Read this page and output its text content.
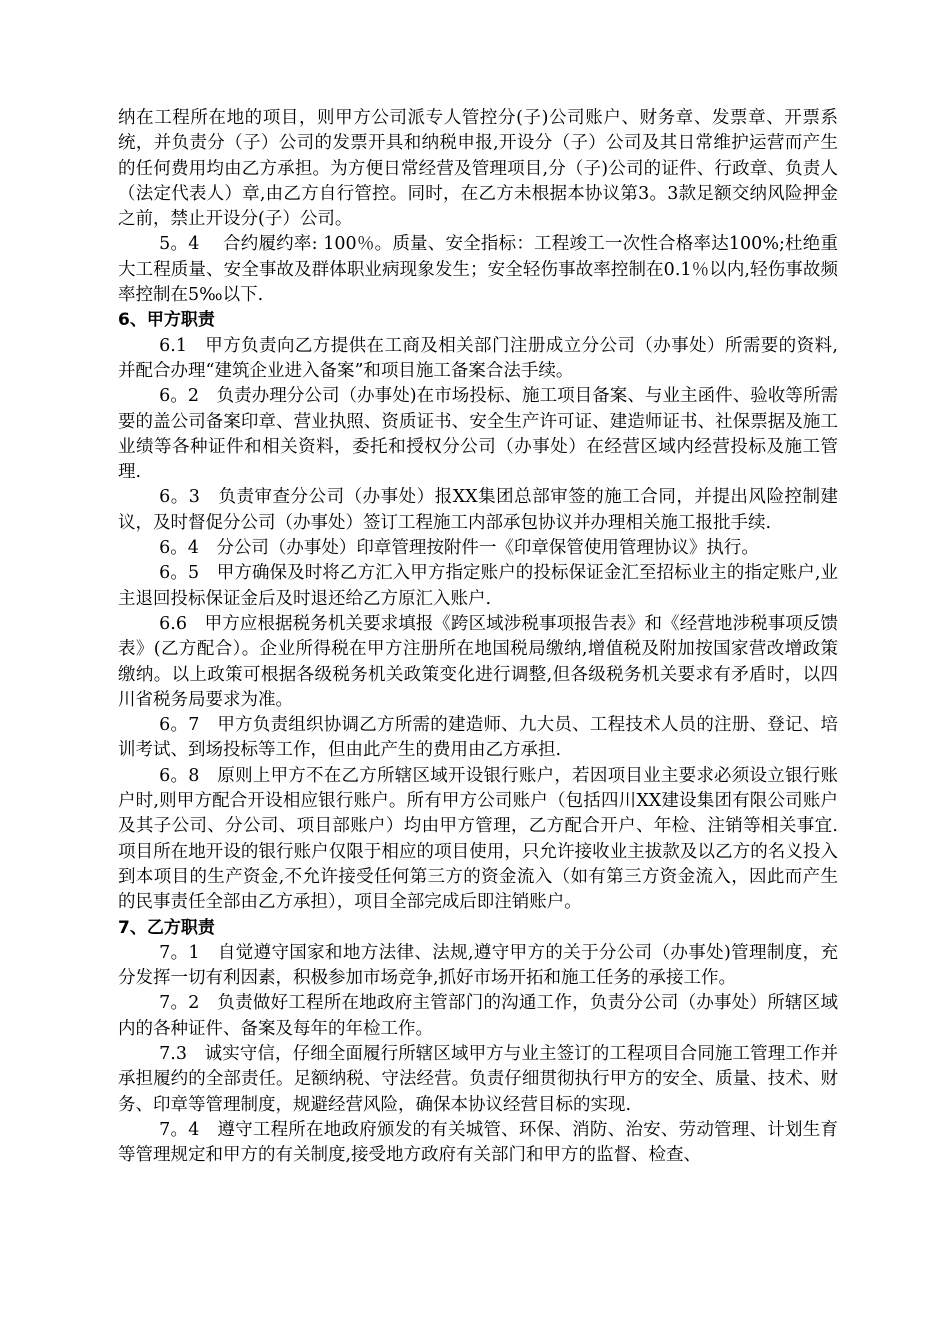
纳在工程所在地的项目，则甲方公司派专人管控分(子)公司账户、财务章、发票章、开票系统，并负责分（子）公司的发票开具和纳税申报,开设分（子）公司及其日常维护运营而产生的任何费用均由乙方承担。为方便日常经营及管理项目,分（子)公司的证件、行政章、负责人（法定代表人）章,由乙方自行管控。同时，在乙方未根据本协议第3。3款足额交纳风险押金之前，禁止开设分(子）公司。

5。4　 合约履约率: 100％。质量、安全指标：工程竣工一次性合格率达100%;杜绝重大工程质量、安全事故及群体职业病现象发生；安全轻伤事故率控制在0.1％以内,轻伤事故频率控制在5‰以下.

6、甲方职责

6.1　甲方负责向乙方提供在工商及相关部门注册成立分公司（办事处）所需要的资料,并配合办理“建筑企业进入备案”和项目施工备案合法手续。

6。2　负责办理分公司（办事处)在市场投标、施工项目备案、与业主函件、验收等所需要的盖公司备案印章、营业执照、资质证书、安全生产许可证、建造师证书、社保票据及施工业绩等各种证件和相关资料，委托和授权分公司（办事处）在经营区域内经营投标及施工管理.

6。3　负责审查分公司（办事处）报XX集团总部审签的施工合同，并提出风险控制建议，及时督促分公司（办事处）签订工程施工内部承包协议并办理相关施工报批手续.

6。4　分公司（办事处）印章管理按附件一《印章保管使用管理协议》执行。

6。5　甲方确保及时将乙方汇入甲方指定账户的投标保证金汇至招标业主的指定账户,业主退回投标保证金后及时退还给乙方原汇入账户.

6.6　甲方应根据税务机关要求填报《跨区域涉税事项报告表》和《经营地涉税事项反馈表》(乙方配合）。企业所得税在甲方注册所在地国税局缴纳,增值税及附加按国家营改增政策缴纳。以上政策可根据各级税务机关政策变化进行调整,但各级税务机关要求有矛盾时，以四川省税务局要求为准。

6。7　甲方负责组织协调乙方所需的建造师、九大员、工程技术人员的注册、登记、培训考试、到场投标等工作，但由此产生的费用由乙方承担.

6。8　原则上甲方不在乙方所辖区域开设银行账户，若因项目业主要求必须设立银行账户时,则甲方配合开设相应银行账户。所有甲方公司账户（包括四川XX建设集团有限公司账户及其子公司、分公司、项目部账户）均由甲方管理，乙方配合开户、年检、注销等相关事宜.项目所在地开设的银行账户仅限于相应的项目使用，只允许接收业主拔款及以乙方的名义投入到本项目的生产资金,不允许接受任何第三方的资金流入（如有第三方资金流入，因此而产生的民事责任全部由乙方承担），项目全部完成后即注销账户。

7、乙方职责

7。1　自觉遵守国家和地方法律、法规,遵守甲方的关于分公司（办事处)管理制度，充分发挥一切有利因素，积极参加市场竞争,抓好市场开拓和施工任务的承接工作。

7。2　负责做好工程所在地政府主管部门的沟通工作，负责分公司（办事处）所辖区域内的各种证件、备案及每年的年检工作。

7.3　诚实守信，仔细全面履行所辖区域甲方与业主签订的工程项目合同施工管理工作并承担履约的全部责任。足额纳税、守法经营。负责仔细贯彻执行甲方的安全、质量、技术、财务、印章等管理制度，规避经营风险，确保本协议经营目标的实现.

7。4　遵守工程所在地政府颁发的有关城管、环保、消防、治安、劳动管理、计划生育等管理规定和甲方的有关制度,接受地方政府有关部门和甲方的监督、检查、
